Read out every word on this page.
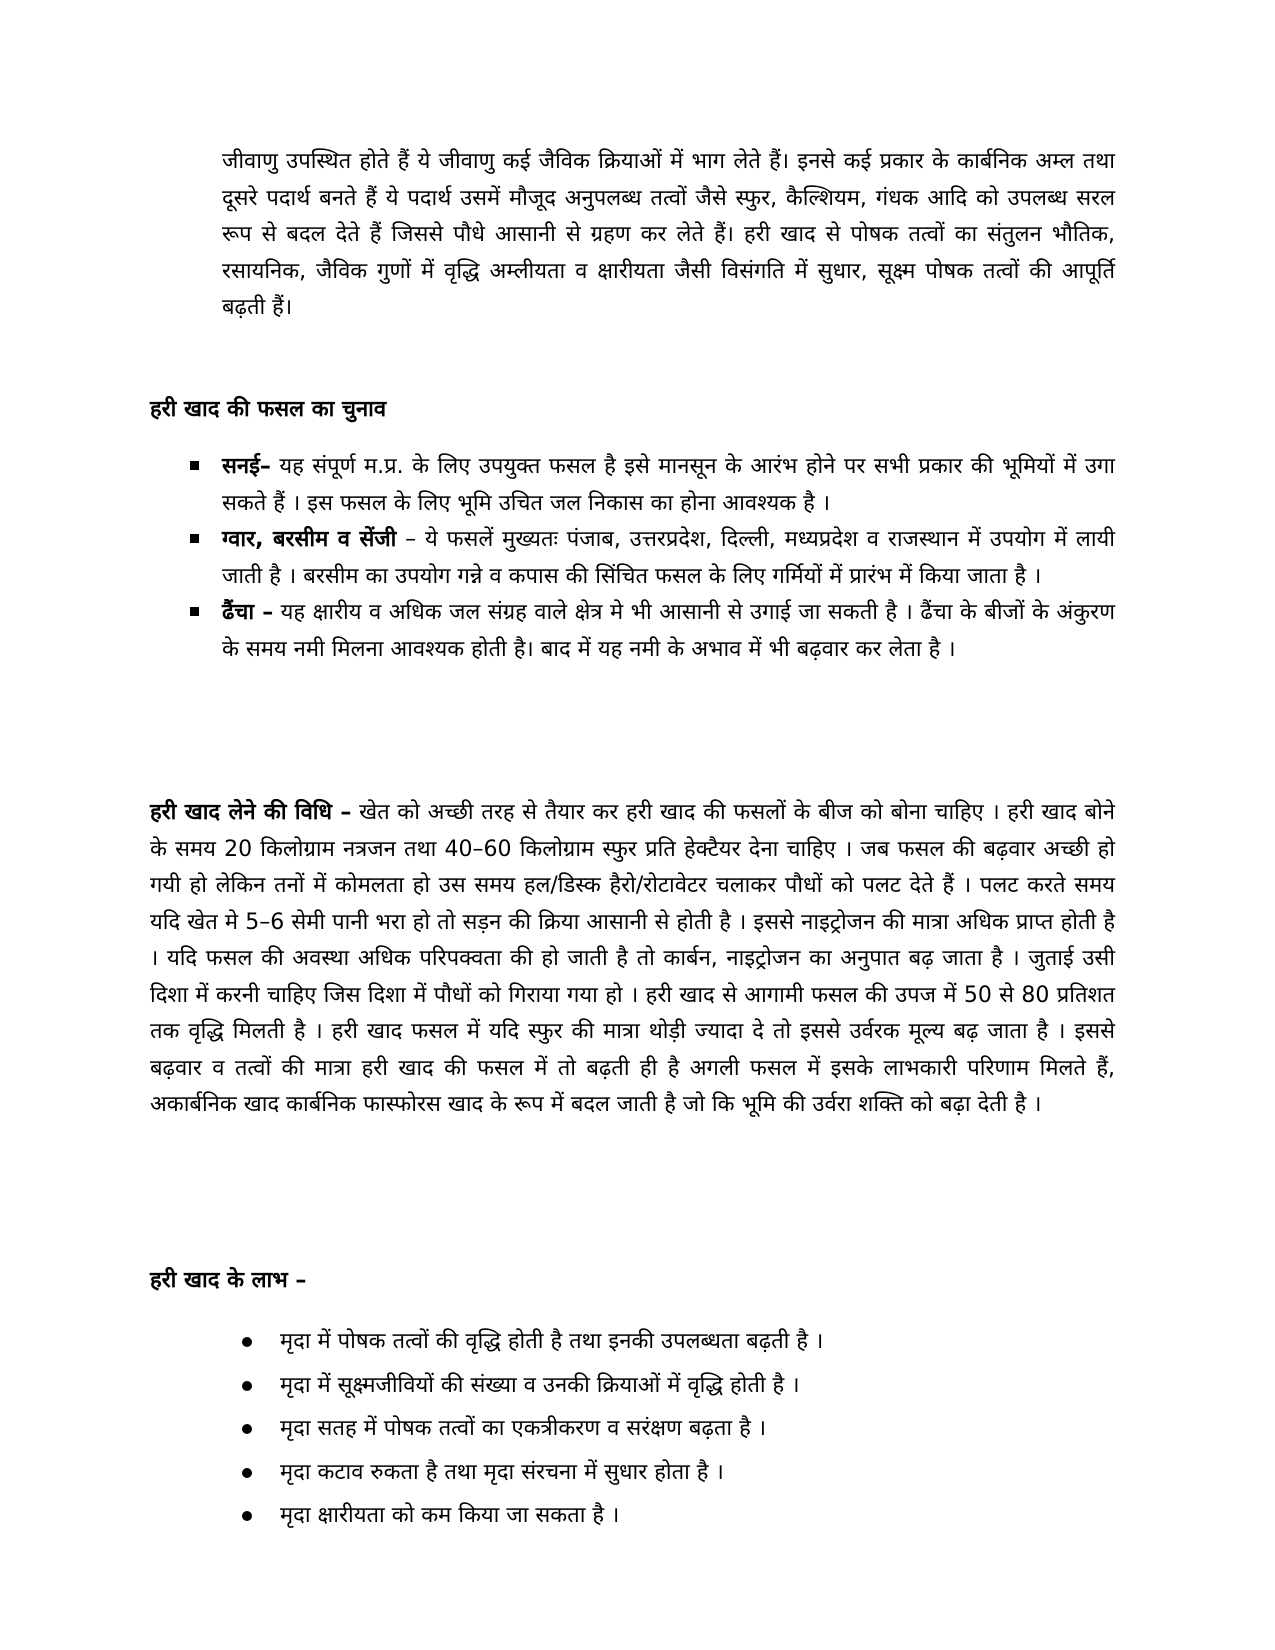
जीवाणु उपस्थित होते हैं ये जीवाणु कई जैविक क्रियाओं में भाग लेते हैं। इनसे कई प्रकार के कार्बनिक अम्ल तथा दूसरे पदार्थ बनते हैं ये पदार्थ उसमें मौजूद अनुपलब्ध तत्वों जैसे स्फुर, कैल्शियम, गंधक आदि को उपलब्ध सरल रूप से बदल देते हैं जिससे पौधे आसानी से ग्रहण कर लेते हैं। हरी खाद से पोषक तत्वों का संतुलन भौतिक, रसायनिक, जैविक गुणों में वृद्धि अम्लीयता व क्षारीयता जैसी विसंगति में सुधार, सूक्ष्म पोषक तत्वों की आपूर्ति बढ़ती हैं।

हरी खाद की फसल का चुनाव
सनई– यह संपूर्ण म.प्र. के लिए उपयुक्त फसल है इसे मानसून के आरंभ होने पर सभी प्रकार की भूमियों में उगा सकते हैं । इस फसल के लिए भूमि उचित जल निकास का होना आवश्यक है ।
ग्वार, बरसीम व सेंजी – ये फसलें मुख्यतः पंजाब, उत्तरप्रदेश, दिल्ली, मध्यप्रदेश व राजस्थान में उपयोग में लायी जाती है । बरसीम का उपयोग गन्ने व कपास की सिंचित फसल के लिए गर्मियों में प्रारंभ में किया जाता है ।
ढैंचा – यह क्षारीय व अधिक जल संग्रह वाले क्षेत्र मे भी आसानी से उगाई जा सकती है । ढैंचा के बीजों के अंकुरण के समय नमी मिलना आवश्यक होती है। बाद में यह नमी के अभाव में भी बढ़वार कर लेता है ।

हरी खाद लेने की विधि – खेत को अच्छी तरह से तैयार कर हरी खाद की फसलों के बीज को बोना चाहिए । हरी खाद बोने के समय 20 किलोग्राम नत्रजन तथा 40–60 किलोग्राम स्फुर प्रति हेक्टैयर देना चाहिए । जब फसल की बढ़वार अच्छी हो गयी हो लेकिन तनों में कोमलता हो उस समय हल/डिस्क हैरो/रोटावेटर चलाकर पौधों को पलट देते हैं । पलट करते समय यदि खेत मे 5–6 सेमी पानी भरा हो तो सड़न की क्रिया आसानी से होती है । इससे नाइट्रोजन की मात्रा अधिक प्राप्त होती है । यदि फसल की अवस्था अधिक परिपक्वता की हो जाती है तो कार्बन, नाइट्रोजन का अनुपात बढ़ जाता है । जुताई उसी दिशा में करनी चाहिए जिस दिशा में पौधों को गिराया गया हो । हरी खाद से आगामी फसल की उपज में 50 से 80 प्रतिशत तक वृद्धि मिलती है । हरी खाद फसल में यदि स्फुर की मात्रा थोड़ी ज्यादा दे तो इससे उर्वरक मूल्य बढ़ जाता है । इससे बढ़वार व तत्वों की मात्रा हरी खाद की फसल में तो बढ़ती ही है अगली फसल में इसके लाभकारी परिणाम मिलते हैं, अकार्बनिक खाद कार्बनिक फास्फोरस खाद के रूप में बदल जाती है जो कि भूमि की उर्वरा शक्ति को बढ़ा देती है ।

हरी खाद के लाभ –
मृदा में पोषक तत्वों की वृद्धि होती है तथा इनकी उपलब्धता बढ़ती है ।
मृदा में सूक्ष्मजीवियों की संख्या व उनकी क्रियाओं में वृद्धि होती है ।
मृदा सतह में पोषक तत्वों का एकत्रीकरण व सरंक्षण बढ़ता है ।
मृदा कटाव रुकता है तथा मृदा संरचना में सुधार होता है ।
मृदा क्षारीयता को कम किया जा सकता है ।
